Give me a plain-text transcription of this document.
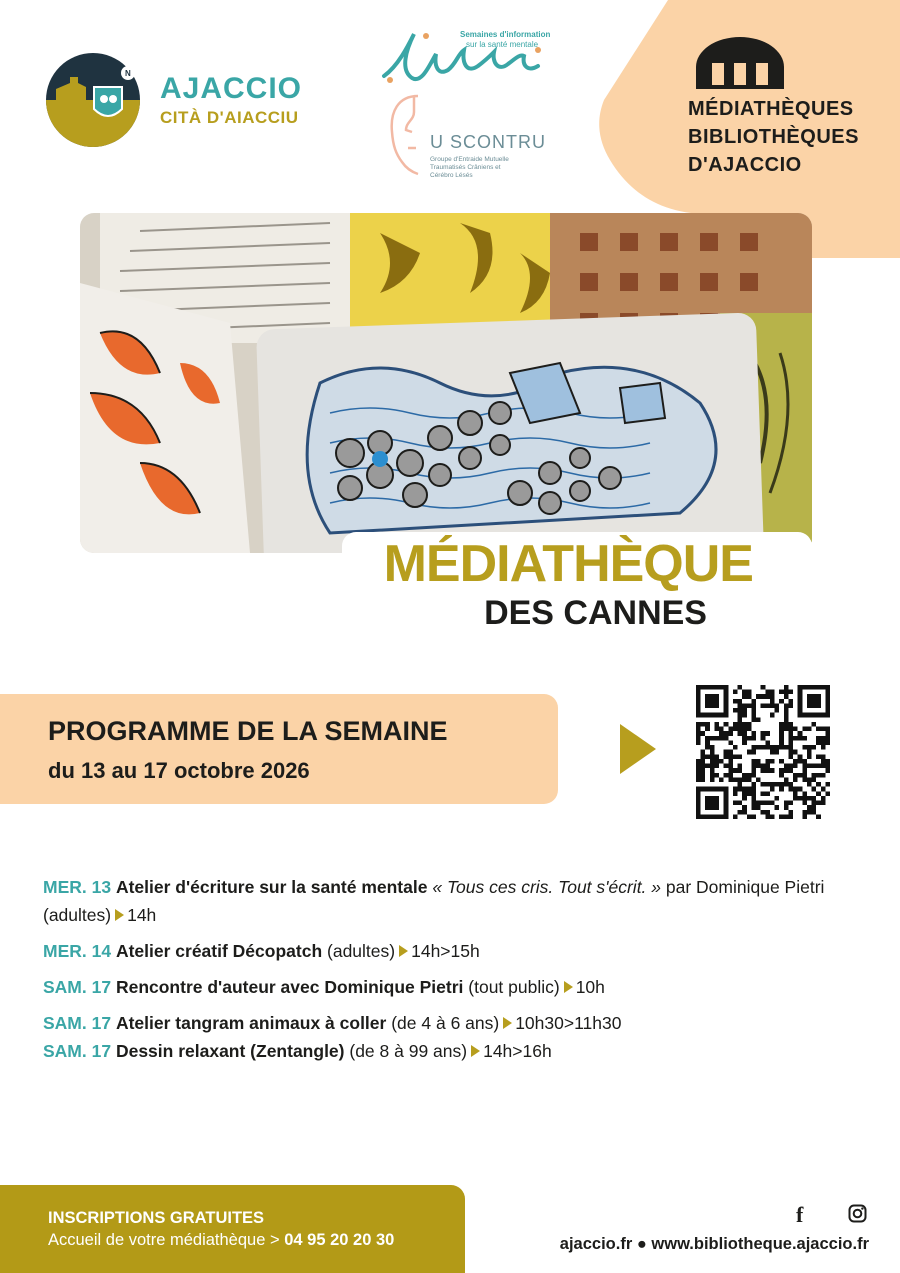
N AJACCIO
CITÀ D'AIACCIU
Semaines d'information
sur la santé mentale
U SCONTRU
Groupe d'Entraide Mutuelle
Traumatisés Crâniens et
Cérébro Lésés
MÉDIATHÈQUES
BIBLIOTHÈQUES
D'AJACCIO
MÉDIATHÈQUE
DES CANNES
PROGRAMME DE LA SEMAINE
du 13 au 17 octobre 2026

MER. 13 Atelier d'écriture sur la santé mentale « Tous ces cris. Tout s'écrit. » par Dominique Pietri (adultes) 14h

MER. 14 Atelier créatif Décopatch (adultes) 14h>15h

SAM. 17 Rencontre d'auteur avec Dominique Pietri (tout public) 10h

SAM. 17 Atelier tangram animaux à coller (de 4 à 6 ans) 10h30>11h30

SAM. 17 Dessin relaxant (Zentangle) (de 8 à 99 ans) 14h>16h

INSCRIPTIONS GRATUITES
Accueil de votre médiathèque > 04 95 20 20 30
f
ajaccio.fr ● www.bibliotheque.ajaccio.fr
